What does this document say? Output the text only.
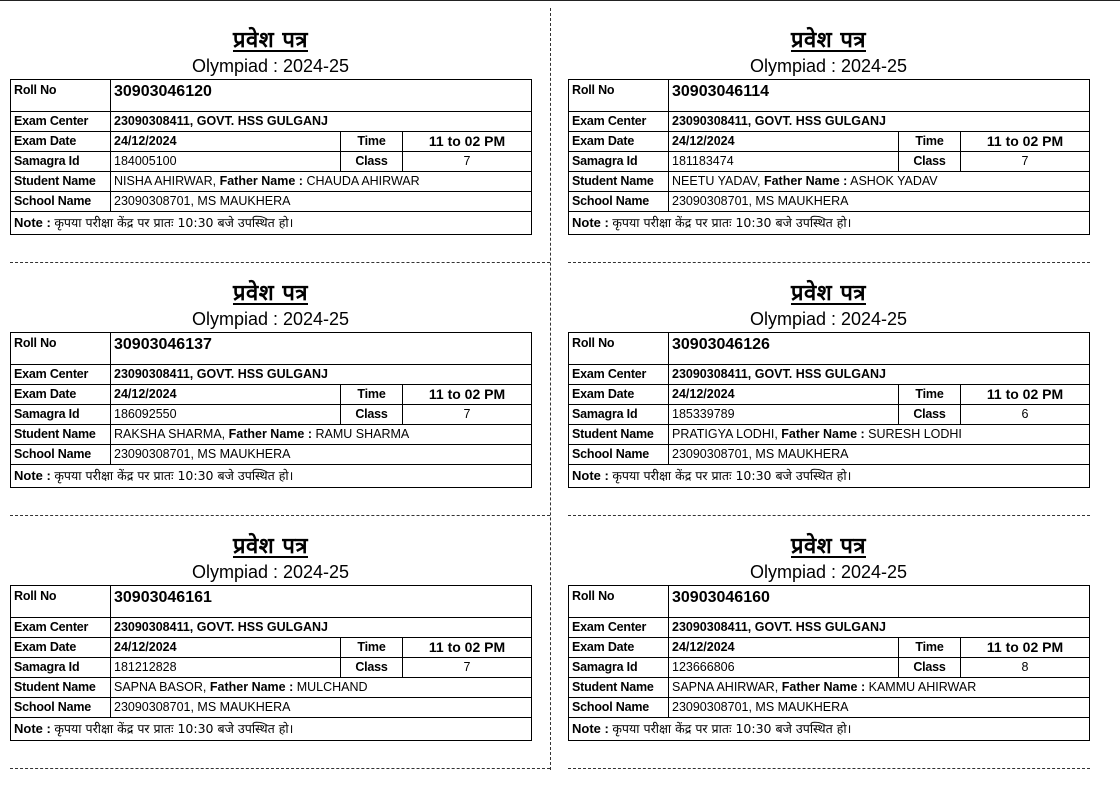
प्रवेश पत्र
Olympiad : 2024-25
Roll No	30903046120		
Exam Center	23090308411, GOVT. HSS GULGANJ		
Exam Date	24/12/2024	Time	11 to 02 PM
Samagra Id	184005100	Class	7
Student Name	NISHA AHIRWAR, Father Name : CHAUDA AHIRWAR		
School Name	23090308701, MS MAUKHERA		
Note : कृपया परीक्षा केंद्र पर प्रातः 10:30 बजे उपस्थित हो।			
प्रवेश पत्र
Olympiad : 2024-25
Roll No	30903046114		
Exam Center	23090308411, GOVT. HSS GULGANJ		
Exam Date	24/12/2024	Time	11 to 02 PM
Samagra Id	181183474	Class	7
Student Name	NEETU YADAV, Father Name : ASHOK YADAV		
School Name	23090308701, MS MAUKHERA		
Note : कृपया परीक्षा केंद्र पर प्रातः 10:30 बजे उपस्थित हो।			
प्रवेश पत्र
Olympiad : 2024-25
Roll No	30903046137		
Exam Center	23090308411, GOVT. HSS GULGANJ		
Exam Date	24/12/2024	Time	11 to 02 PM
Samagra Id	186092550	Class	7
Student Name	RAKSHA SHARMA, Father Name : RAMU SHARMA		
School Name	23090308701, MS MAUKHERA		
Note : कृपया परीक्षा केंद्र पर प्रातः 10:30 बजे उपस्थित हो।			
प्रवेश पत्र
Olympiad : 2024-25
Roll No	30903046126		
Exam Center	23090308411, GOVT. HSS GULGANJ		
Exam Date	24/12/2024	Time	11 to 02 PM
Samagra Id	185339789	Class	6
Student Name	PRATIGYA LODHI, Father Name : SURESH LODHI		
School Name	23090308701, MS MAUKHERA		
Note : कृपया परीक्षा केंद्र पर प्रातः 10:30 बजे उपस्थित हो।			
प्रवेश पत्र
Olympiad : 2024-25
Roll No	30903046161		
Exam Center	23090308411, GOVT. HSS GULGANJ		
Exam Date	24/12/2024	Time	11 to 02 PM
Samagra Id	181212828	Class	7
Student Name	SAPNA BASOR, Father Name : MULCHAND		
School Name	23090308701, MS MAUKHERA		
Note : कृपया परीक्षा केंद्र पर प्रातः 10:30 बजे उपस्थित हो।			
प्रवेश पत्र
Olympiad : 2024-25
Roll No	30903046160		
Exam Center	23090308411, GOVT. HSS GULGANJ		
Exam Date	24/12/2024	Time	11 to 02 PM
Samagra Id	123666806	Class	8
Student Name	SAPNA AHIRWAR, Father Name : KAMMU AHIRWAR		
School Name	23090308701, MS MAUKHERA		
Note : कृपया परीक्षा केंद्र पर प्रातः 10:30 बजे उपस्थित हो।			
